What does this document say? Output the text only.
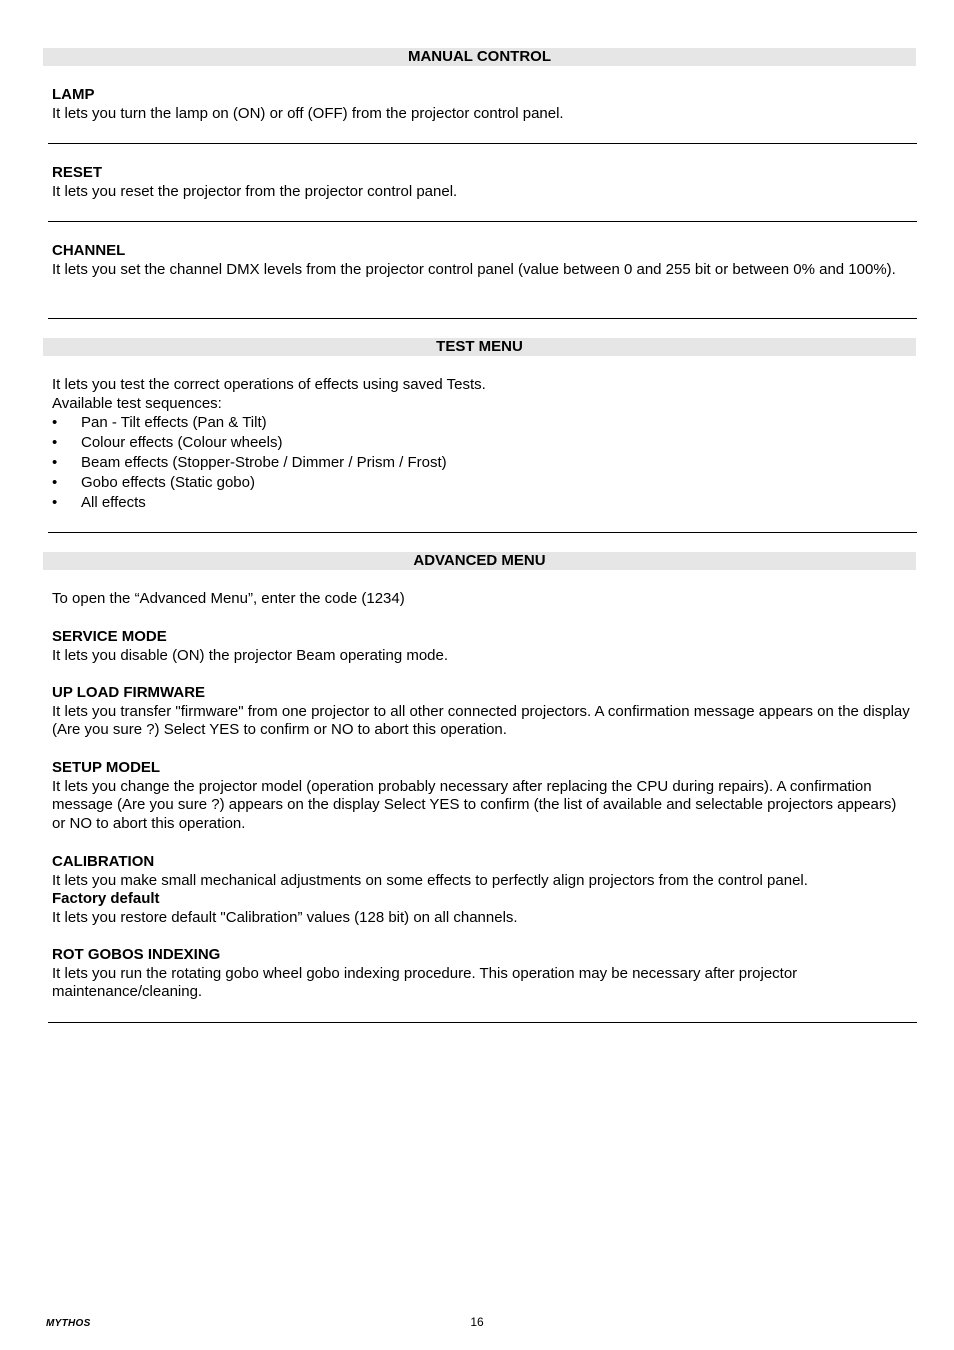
MANUAL CONTROL
LAMP
It lets you turn the lamp on (ON) or off (OFF) from the projector control panel.
RESET
It lets you reset the projector from the projector control panel.
CHANNEL
It lets you set the channel DMX levels from the projector control panel (value between 0 and 255 bit or between 0% and 100%).
TEST MENU
It lets you test the correct operations of effects using saved Tests.
Available test sequences:
• Pan - Tilt effects (Pan & Tilt)
• Colour effects (Colour wheels)
• Beam effects (Stopper-Strobe / Dimmer / Prism / Frost)
• Gobo effects (Static gobo)
• All effects
ADVANCED MENU
To open the “Advanced Menu”, enter the code (1234)
SERVICE MODE
It lets you disable (ON) the projector Beam operating mode.
UP LOAD FIRMWARE
It lets you transfer "firmware" from one projector to all other connected projectors. A confirmation message appears on the display (Are you sure ?) Select YES to confirm or NO to abort this operation.
SETUP MODEL
It lets you change the projector model (operation probably necessary after replacing the CPU during repairs). A confirmation message (Are you sure ?) appears on the display Select YES to confirm (the list of available and selectable projectors appears) or NO to abort this operation.
CALIBRATION
It lets you make small mechanical adjustments on some effects to perfectly align projectors from the control panel.
Factory default
It lets you restore default "Calibration” values (128 bit) on all channels.
ROT GOBOS INDEXING
It lets you run the rotating gobo wheel gobo indexing procedure. This operation may be necessary after projector maintenance/cleaning.
MYTHOS	16
